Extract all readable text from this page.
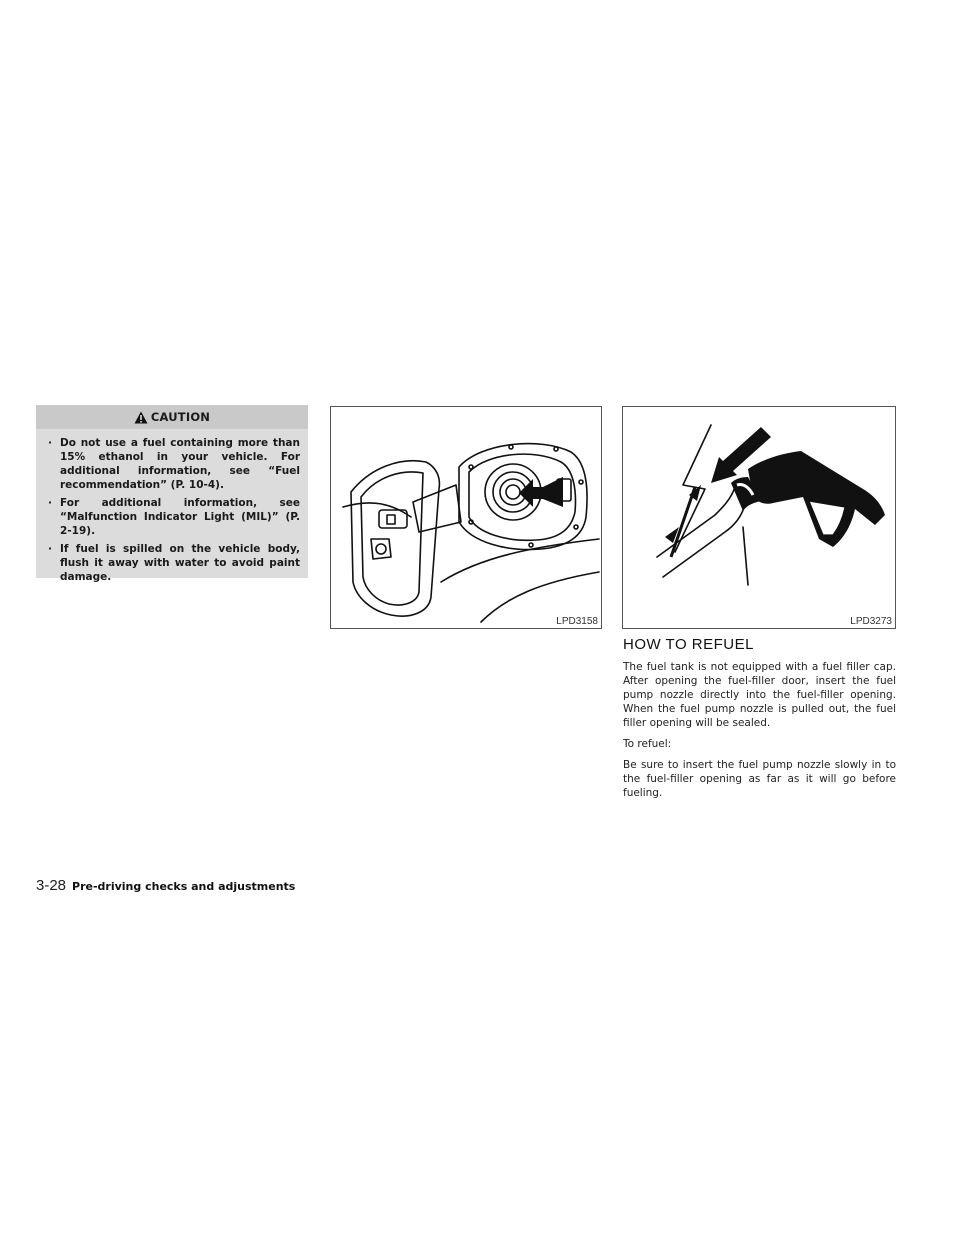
CAUTION
· Do not use a fuel containing more than 15% ethanol in your vehicle. For additional information, see “Fuel recommendation” (P. 10-4).
· For additional information, see “Malfunction Indicator Light (MIL)” (P. 2-19).
· If fuel is spilled on the vehicle body, flush it away with water to avoid paint damage.
LPD3158	LPD3273
HOW TO REFUEL

The fuel tank is not equipped with a fuel filler cap. After opening the fuel-filler door, insert the fuel pump nozzle directly into the fuel-filler opening. When the fuel pump nozzle is pulled out, the fuel filler opening will be sealed.

To refuel:

Be sure to insert the fuel pump nozzle slowly in to the fuel-filler opening as far as it will go before fueling.

3-28 Pre-driving checks and adjustments
